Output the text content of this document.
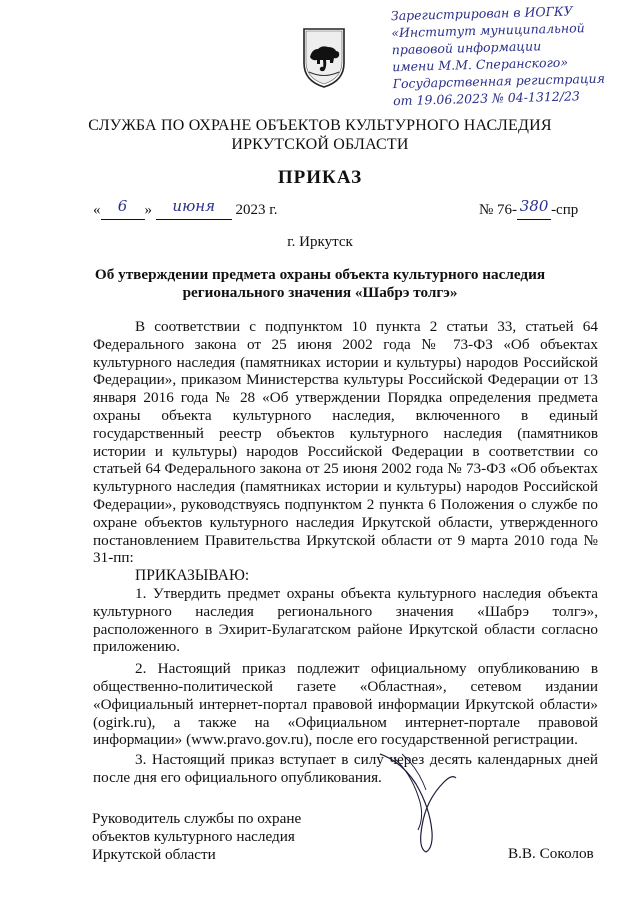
Зарегистрирован в ИОГКУ
«Институт муниципальной
правовой информации
имени М.М. Сперанского»
Государственная регистрация
от 19.06.2023 № 04-1312/23
СЛУЖБА ПО ОХРАНЕ ОБЪЕКТОВ КУЛЬТУРНОГО НАСЛЕДИЯ
ИРКУТСКОЙ ОБЛАСТИ
ПРИКАЗ
« 6 » июня 2023 г.	№ 76- 380 -спр
г. Иркутск
Об утверждении предмета охраны объекта культурного наследия
регионального значения «Шабрэ толгэ»

В соответствии с подпунктом 10 пункта 2 статьи 33, статьей 64 Федерального закона от 25 июня 2002 года № 73-ФЗ «Об объектах культурного наследия (памятниках истории и культуры) народов Российской Федерации», приказом Министерства культуры Российской Федерации от 13 января 2016 года № 28 «Об утверждении Порядка определения предмета охраны объекта культурного наследия, включенного в единый государственный реестр объектов культурного наследия (памятников истории и культуры) народов Российской Федерации в соответствии со статьей 64 Федерального закона от 25 июня 2002 года № 73-ФЗ «Об объектах культурного наследия (памятниках истории и культуры) народов Российской Федерации», руководствуясь подпунктом 2 пункта 6 Положения о службе по охране объектов культурного наследия Иркутской области, утвержденного постановлением Правительства Иркутской области от 9 марта 2010 года № 31-пп:

ПРИКАЗЫВАЮ:

1. Утвердить предмет охраны объекта культурного наследия объекта культурного наследия регионального значения «Шабрэ толгэ», расположенного в Эхирит-Булагатском районе Иркутской области согласно приложению.

2. Настоящий приказ подлежит официальному опубликованию в общественно-политической газете «Областная», сетевом издании «Официальный интернет-портал правовой информации Иркутской области» (ogirk.ru), а также на «Официальном интернет-портале правовой информации» (www.pravo.gov.ru), после его государственной регистрации.

3. Настоящий приказ вступает в силу через десять календарных дней после дня его официального опубликования.

Руководитель службы по охране
объектов культурного наследия
Иркутской области	В.В. Соколов
